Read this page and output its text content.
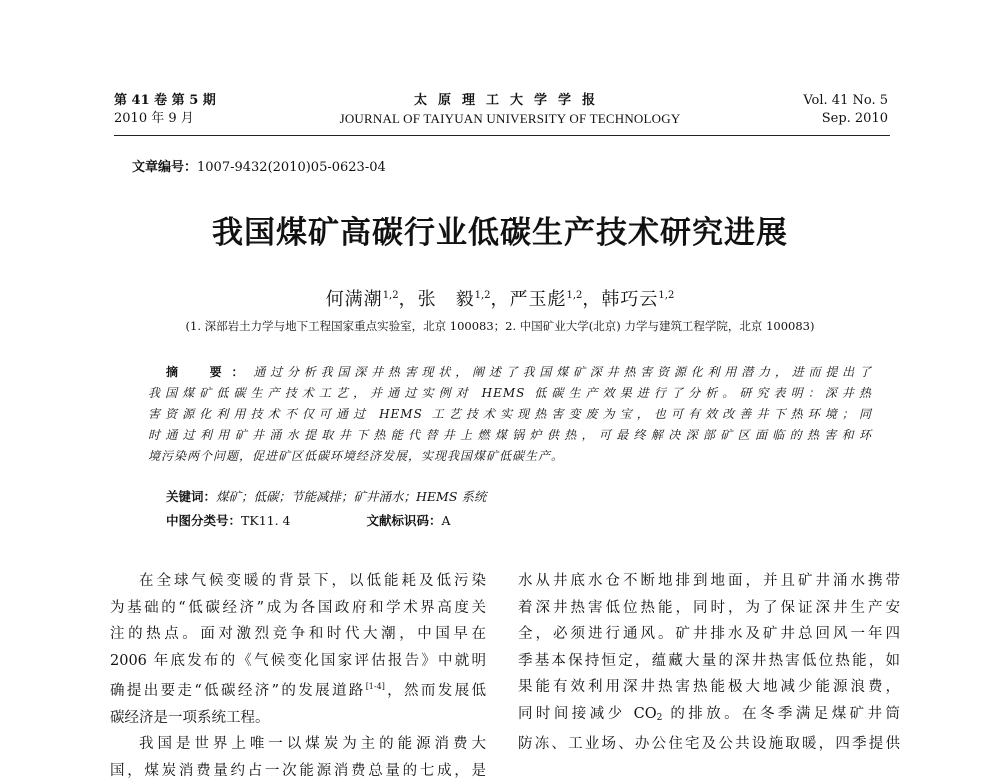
第 41 卷 第 5 期
2010 年 9 月
太原理工大学学报
JOURNAL OF TAIYUAN UNIVERSITY OF TECHNOLOGY
Vol. 41 No. 5
Sep. 2010
文章编号：1007-9432(2010)05-0623-04
我国煤矿高碳行业低碳生产技术研究进展
何满潮$^{1,2}$，张　毅$^{1,2}$，严玉彪$^{1,2}$，韩巧云$^{1,2}$
(1. 深部岩土力学与地下工程国家重点实验室，北京 100083；2. 中国矿业大学(北京) 力学与建筑工程学院，北京 100083)
摘　要：通过分析我国深井热害现状，阐述了我国煤矿深井热害资源化利用潜力，进而提出了
我国煤矿低碳生产技术工艺，并通过实例对 HEMS 低碳生产效果进行了分析。研究表明：深井热
害资源化利用技术不仅可通过 HEMS 工艺技术实现热害变废为宝，也可有效改善井下热环境；同
时通过利用矿井涌水提取井下热能代替井上燃煤锅炉供热，可最终解决深部矿区面临的热害和环
境污染两个问题，促进矿区低碳环境经济发展，实现我国煤矿低碳生产。
关键词：煤矿；低碳；节能减排；矿井涌水；HEMS 系统
中图分类号：TK11. 4	文献标识码：A
在全球气候变暖的背景下，以低能耗及低污染
为基础的“低碳经济”成为各国政府和学术界高度关
注的热点。面对激烈竞争和时代大潮，中国早在
2006 年底发布的《气候变化国家评估报告》中就明
确提出要走“低碳经济”的发展道路[1-4]，然而发展低
碳经济是一项系统工程。
我国是世界上唯一以煤炭为主的能源消费大
国，煤炭消费量约占一次能源消费总量的七成，是
水从井底水仓不断地排到地面，并且矿井涌水携带
着深井热害低位热能，同时，为了保证深井生产安
全，必须进行通风。矿井排水及矿井总回风一年四
季基本保持恒定，蕴藏大量的深井热害低位热能，如
果能有效利用深井热害热能极大地减少能源浪费，
同时间接减少 $CO_2$ 的排放。在冬季满足煤矿井筒
防冻、工业场、办公住宅及公共设施取暖，四季提供
